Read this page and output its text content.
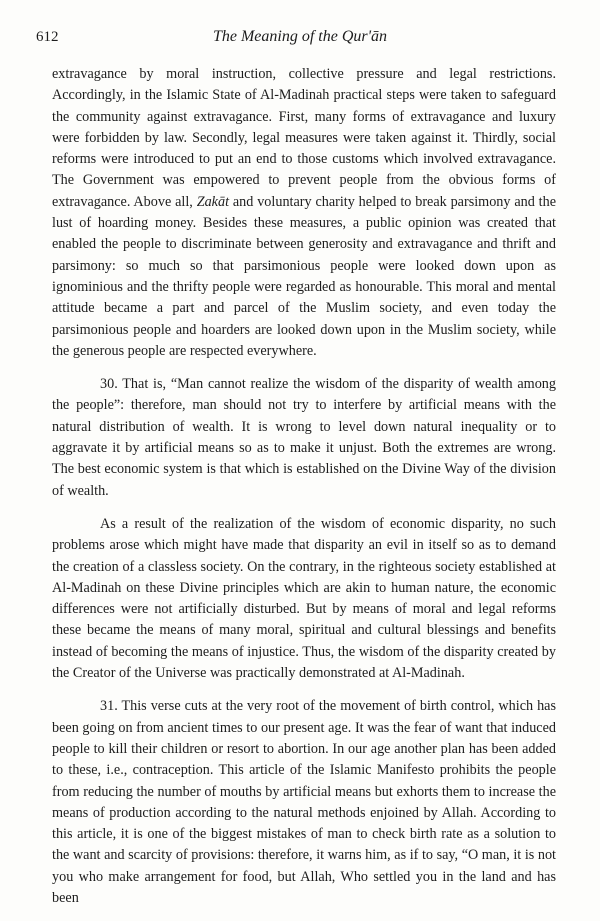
612	The Meaning of the Qur'ān

extravagance by moral instruction, collective pressure and legal restrictions. Accordingly, in the Islamic State of Al-Madinah practical steps were taken to safeguard the community against extravagance. First, many forms of extravagance and luxury were forbidden by law. Secondly, legal measures were taken against it. Thirdly, social reforms were introduced to put an end to those customs which involved extravagance. The Government was empowered to prevent people from the obvious forms of extravagance. Above all, Zakāt and voluntary charity helped to break parsimony and the lust of hoarding money. Besides these measures, a public opinion was created that enabled the people to discriminate between generosity and extravagance and thrift and parsimony: so much so that parsimonious people were looked down upon as ignominious and the thrifty people were regarded as honourable. This moral and mental attitude became a part and parcel of the Muslim society, and even today the parsimonious people and hoarders are looked down upon in the Muslim society, while the generous people are respected everywhere.

30. That is, “Man cannot realize the wisdom of the disparity of wealth among the people”: therefore, man should not try to interfere by artificial means with the natural distribution of wealth. It is wrong to level down natural inequality or to aggravate it by artificial means so as to make it unjust. Both the extremes are wrong. The best economic system is that which is established on the Divine Way of the division of wealth.

As a result of the realization of the wisdom of economic disparity, no such problems arose which might have made that disparity an evil in itself so as to demand the creation of a classless society. On the contrary, in the righteous society established at Al-Madinah on these Divine principles which are akin to human nature, the economic differences were not artificially disturbed. But by means of moral and legal reforms these became the means of many moral, spiritual and cultural blessings and benefits instead of becoming the means of injustice. Thus, the wisdom of the disparity created by the Creator of the Universe was practically demonstrated at Al-Madinah.

31. This verse cuts at the very root of the movement of birth control, which has been going on from ancient times to our present age. It was the fear of want that induced people to kill their children or resort to abortion. In our age another plan has been added to these, i.e., contraception. This article of the Islamic Manifesto prohibits the people from reducing the number of mouths by artificial means but exhorts them to increase the means of production according to the natural methods enjoined by Allah. According to this article, it is one of the biggest mistakes of man to check birth rate as a solution to the want and scarcity of provisions: therefore, it warns him, as if to say, “O man, it is not you who make arrangement for food, but Allah, Who settled you in the land and has been
